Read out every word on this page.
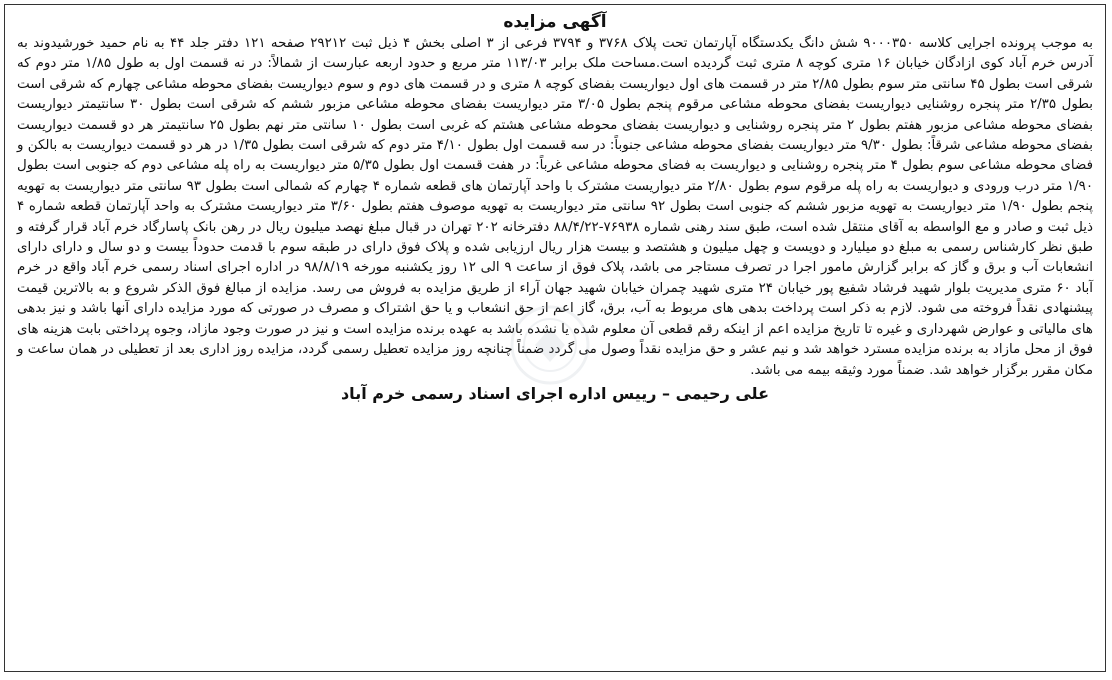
آگهی مزایده

به موجب پرونده اجرایی کلاسه ۹۰۰۰۳۵۰ شش دانگ یکدستگاه آپارتمان تحت پلاک ۳۷۶۸ و ۳۷۹۴ فرعی از ۳ اصلی بخش ۴ ذیل ثبت ۲۹۲۱۲ صفحه ۱۲۱ دفتر جلد ۴۴ به نام حمید خورشیدوند به آدرس خرم آباد کوی ازادگان خیابان ۱۶ متری کوچه ۸ متری ثبت گردیده است.مساحت ملک برابر ۱۱۳/۰۳ متر مربع و حدود اربعه عبارست از شمالاً: در نه قسمت اول به طول ۱/۸۵ متر دوم که شرقی است بطول ۴۵ سانتی متر سوم بطول ۲/۸۵ متر در قسمت های اول دیواریست بفضای کوچه ۸ متری و در قسمت های دوم و سوم دیواریست بفضای محوطه مشاعی چهارم که شرقی است بطول ۲/۳۵ متر پنجره روشنایی دیواریست بفضای محوطه مشاعی مرقوم پنجم بطول ۳/۰۵ متر دیواریست بفضای محوطه مشاعی مزبور ششم که شرقی است بطول ۳۰ سانتیمتر دیواریست بفضای محوطه مشاعی مزبور هفتم بطول ۲ متر پنجره روشنایی و دیواریست بفضای محوطه مشاعی هشتم که غربی است بطول ۱۰ سانتی متر نهم بطول ۲۵ سانتیمتر هر دو قسمت دیواریست بفضای محوطه مشاعی شرقاً: بطول ۹/۳۰ متر دیواریست بفضای محوطه مشاعی جنوباً: در سه قسمت اول بطول ۴/۱۰ متر دوم که شرقی است بطول ۱/۳۵ در هر دو قسمت دیواریست به بالکن و فضای محوطه مشاعی سوم بطول ۴ متر پنجره روشنایی و دیواریست به فضای محوطه مشاعی غرباً: در هفت قسمت اول بطول ۵/۳۵ متر دیواریست به راه پله مشاعی دوم که جنوبی است بطول ۱/۹۰ متر درب ورودی و دیواریست به راه پله مرقوم سوم بطول ۲/۸۰ متر دیواریست مشترک با واحد آپارتمان های قطعه شماره ۴ چهارم که شمالی است بطول ۹۳ سانتی متر دیواریست به تهویه پنجم بطول ۱/۹۰ متر دیواریست به تهویه مزبور ششم که جنوبی است بطول ۹۲ سانتی متر دیواریست به تهویه موصوف هفتم بطول ۳/۶۰ متر دیواریست مشترک به واحد آپارتمان قطعه شماره ۴ ذیل ثبت و صادر و مع الواسطه به آقای منتقل شده است، طبق سند رهنی شماره ۷۶۹۳۸-۸۸/۴/۲۲ دفترخانه ۲۰۲ تهران در قبال مبلغ نهصد میلیون ریال در رهن بانک پاسارگاد خرم آباد قرار گرفته و طبق نظر کارشناس رسمی به مبلغ دو میلیارد و دویست و چهل میلیون و هشتصد و بیست هزار ریال ارزیابی شده و پلاک فوق دارای در طبقه سوم با قدمت حدوداً بیست و دو سال و دارای دارای انشعابات آب و برق و گاز که برابر گزارش مامور اجرا در تصرف مستاجر می باشد، پلاک فوق از ساعت ۹ الی ۱۲ روز یکشنبه مورخه ۹۸/۸/۱۹ در اداره اجرای اسناد رسمی خرم آباد واقع در خرم آباد ۶۰ متری مدیریت بلوار شهید فرشاد شفیع پور خیابان ۲۴ متری شهید چمران خیابان شهید جهان آراء از طریق مزایده به فروش می رسد. مزایده از مبالغ فوق الذکر شروع و به بالاترین قیمت پیشنهادی نقداً فروخته می شود. لازم به ذکر است پرداخت بدهی های مربوط به آب، برق، گاز اعم از حق انشعاب و یا حق اشتراک و مصرف در صورتی که مورد مزایده دارای آنها باشد و نیز بدهی های مالیاتی و عوارض شهرداری و غیره تا تاریخ مزایده اعم از اینکه رقم قطعی آن معلوم شده یا نشده باشد به عهده برنده مزایده است و نیز در صورت وجود مازاد، وجوه پرداختی بابت هزینه های فوق از محل مازاد به برنده مزایده مسترد خواهد شد و نیم عشر و حق مزایده نقداً وصول می گردد ضمناً چنانچه روز مزایده تعطیل رسمی گردد، مزایده روز اداری بعد از تعطیلی در همان ساعت و مکان مقرر برگزار خواهد شد. ضمناً مورد وثیقه بیمه می باشد.

علی رحیمی – رییس اداره اجرای اسناد رسمی خرم آباد
